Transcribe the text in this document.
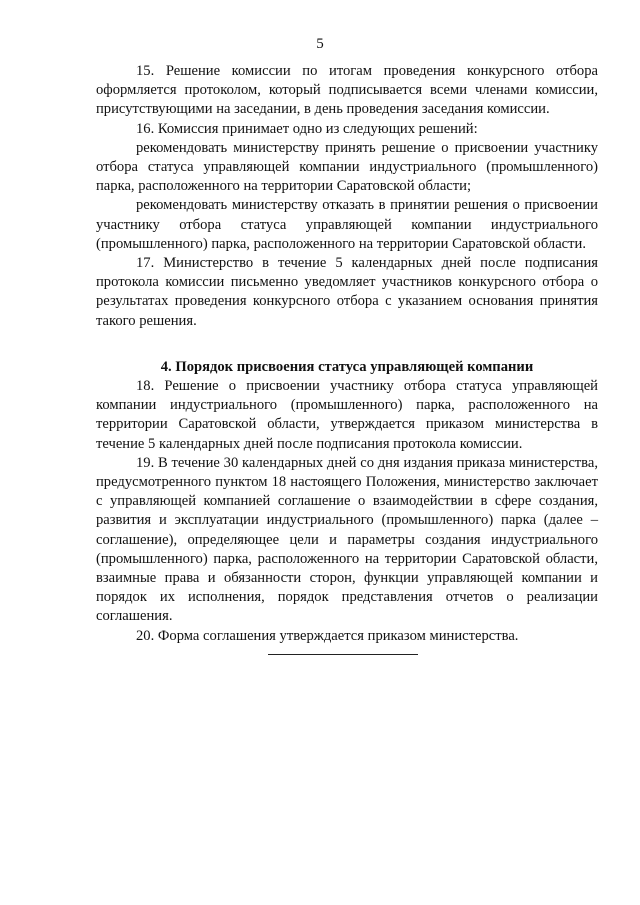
5

15. Решение комиссии по итогам проведения конкурсного отбора оформляется протоколом, который подписывается всеми членами комиссии, присутствующими на заседании, в день проведения заседания комиссии.

16. Комиссия принимает одно из следующих решений:

рекомендовать министерству принять решение о присвоении участнику отбора статуса управляющей компании индустриального (промышленного) парка, расположенного на территории Саратовской области;

рекомендовать министерству отказать в принятии решения о присвоении участнику отбора статуса управляющей компании индустриального (промышленного) парка, расположенного на территории Саратовской области.

17. Министерство в течение 5 календарных дней после подписания протокола комиссии письменно уведомляет участников конкурсного отбора о результатах проведения конкурсного отбора с указанием основания принятия такого решения.

4. Порядок присвоения статуса управляющей компании

18. Решение о присвоении участнику отбора статуса управляющей компании индустриального (промышленного) парка, расположенного на территории Саратовской области, утверждается приказом министерства в течение 5 календарных дней после подписания протокола комиссии.

19. В течение 30 календарных дней со дня издания приказа министерства, предусмотренного пунктом 18 настоящего Положения, министерство заключает с управляющей компанией соглашение о взаимодействии в сфере создания, развития и эксплуатации индустриального (промышленного) парка (далее – соглашение), определяющее цели и параметры создания индустриального (промышленного) парка, расположенного на территории Саратовской области, взаимные права и обязанности сторон, функции управляющей компании и порядок их исполнения, порядок представления отчетов о реализации соглашения.

20. Форма соглашения утверждается приказом министерства.
